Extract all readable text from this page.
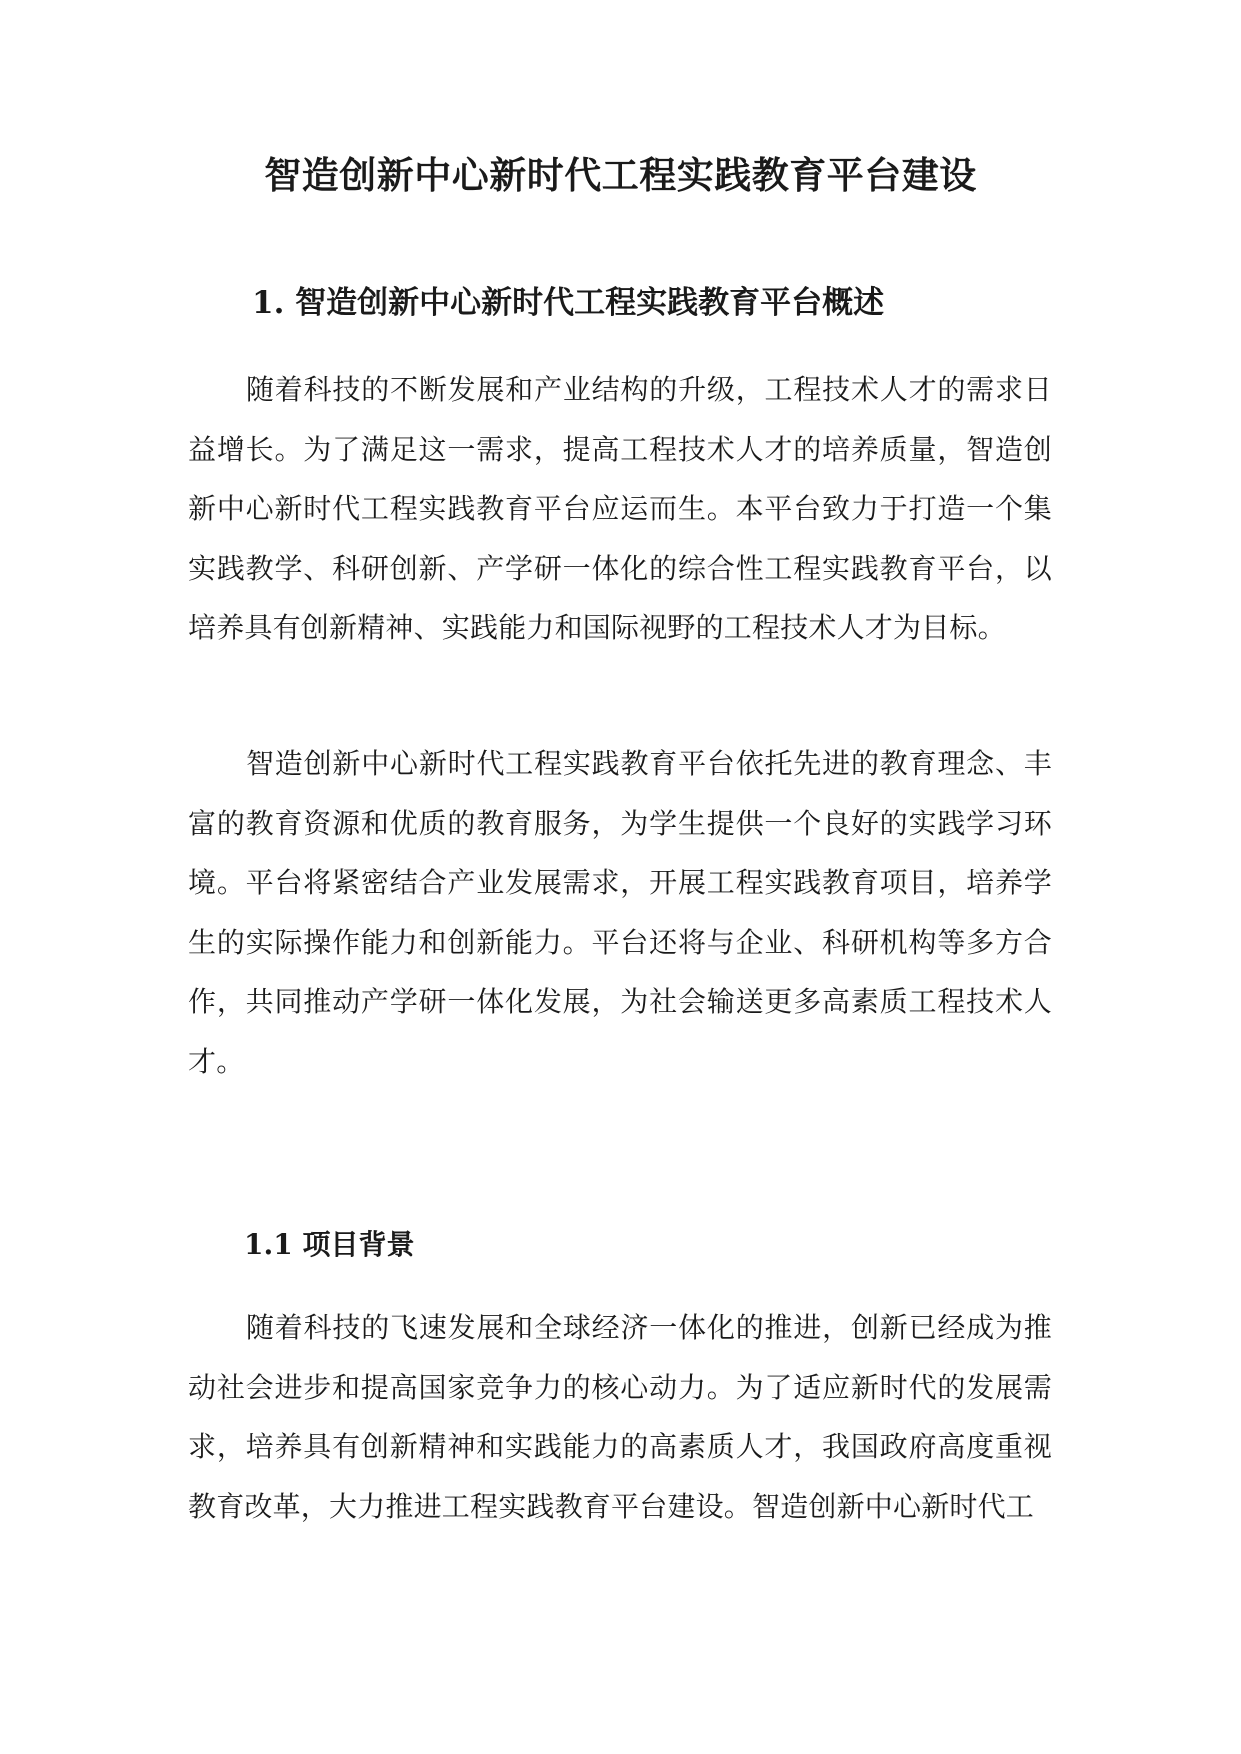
智造创新中心新时代工程实践教育平台建设
1. 智造创新中心新时代工程实践教育平台概述

随着科技的不断发展和产业结构的升级，工程技术人才的需求日益增长。为了满足这一需求，提高工程技术人才的培养质量，智造创新中心新时代工程实践教育平台应运而生。本平台致力于打造一个集实践教学、科研创新、产学研一体化的综合性工程实践教育平台，以培养具有创新精神、实践能力和国际视野的工程技术人才为目标。

智造创新中心新时代工程实践教育平台依托先进的教育理念、丰富的教育资源和优质的教育服务，为学生提供一个良好的实践学习环境。平台将紧密结合产业发展需求，开展工程实践教育项目，培养学生的实际操作能力和创新能力。平台还将与企业、科研机构等多方合作，共同推动产学研一体化发展，为社会输送更多高素质工程技术人才。

1.1 项目背景

随着科技的飞速发展和全球经济一体化的推进，创新已经成为推动社会进步和提高国家竞争力的核心动力。为了适应新时代的发展需求，培养具有创新精神和实践能力的高素质人才，我国政府高度重视教育改革，大力推进工程实践教育平台建设。智造创新中心新时代工
